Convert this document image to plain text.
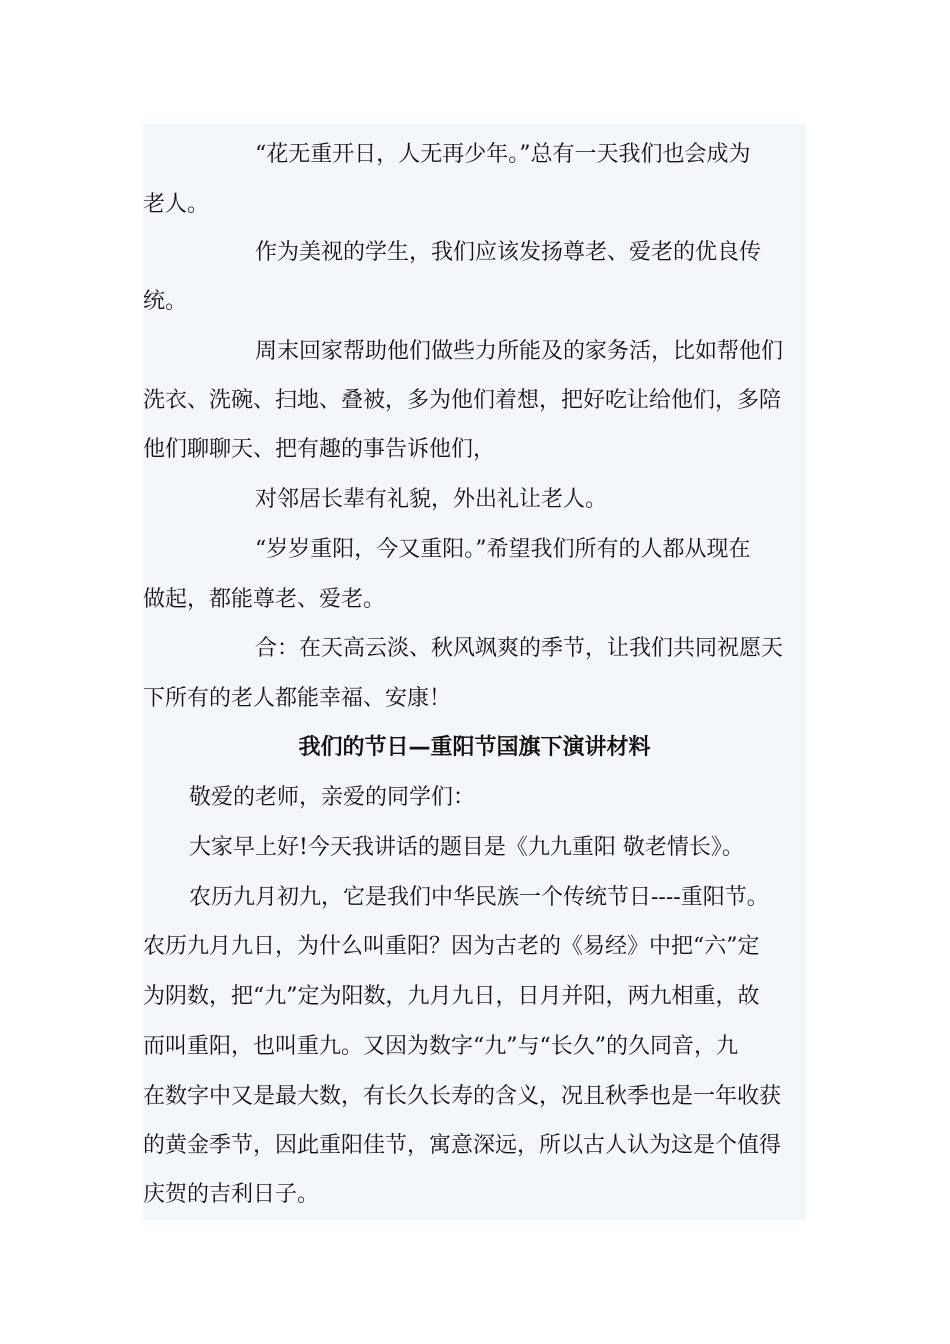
“花无重开日，人无再少年。”总有一天我们也会成为

老人。

作为美视的学生，我们应该发扬尊老、爱老的优良传

统。

周末回家帮助他们做些力所能及的家务活，比如帮他们

洗衣、洗碗、扫地、叠被，多为他们着想，把好吃让给他们，多陪

他们聊聊天、把有趣的事告诉他们，

对邻居长辈有礼貌，外出礼让老人。

“岁岁重阳，今又重阳。”希望我们所有的人都从现在

做起，都能尊老、爱老。

合：在天高云淡、秋风飒爽的季节，让我们共同祝愿天

下所有的老人都能幸福、安康！

我们的节日—重阳节国旗下演讲材料

敬爱的老师，亲爱的同学们：

大家早上好!今天我讲话的题目是《九九重阳 敬老情长》。

农历九月初九，它是我们中华民族一个传统节日----重阳节。

农历九月九日，为什么叫重阳？因为古老的《易经》中把“六”定

为阴数，把“九”定为阳数，九月九日，日月并阳，两九相重，故

而叫重阳，也叫重九。又因为数字“九”与“长久”的久同音，九

在数字中又是最大数，有长久长寿的含义，况且秋季也是一年收获

的黄金季节，因此重阳佳节，寓意深远，所以古人认为这是个值得

庆贺的吉利日子。
